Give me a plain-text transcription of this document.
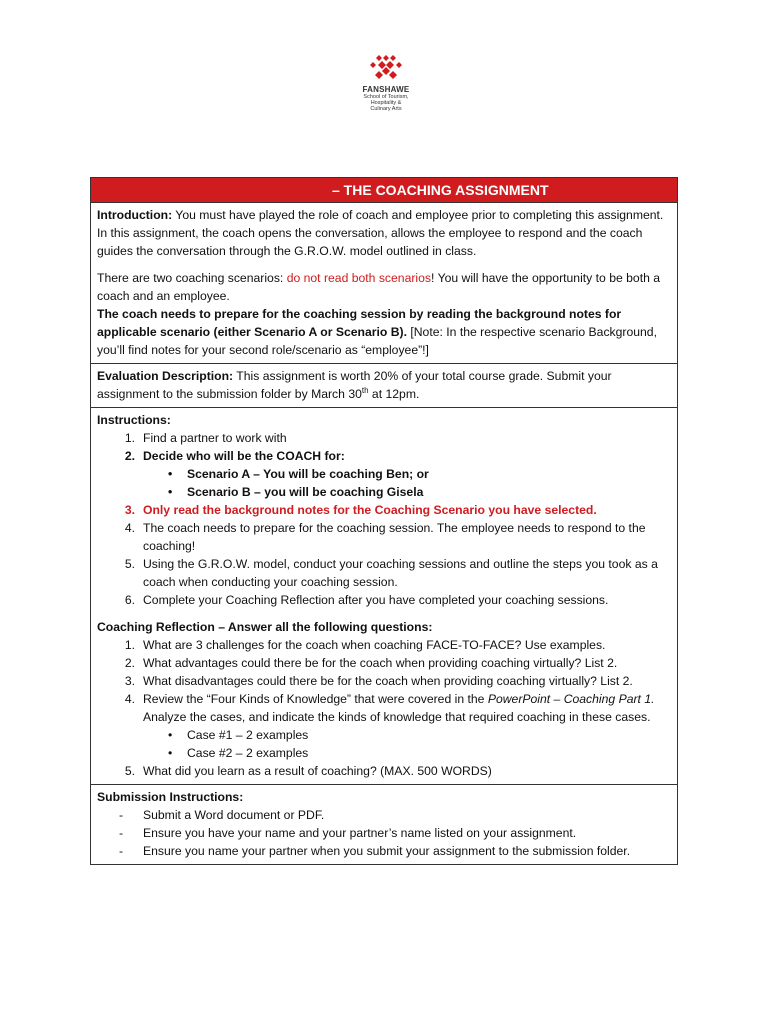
FANSHAWE
School of Tourism,
Hospitality &
Culinary Arts
– THE COACHING ASSIGNMENT

Introduction: You must have played the role of coach and employee prior to completing this assignment. In this assignment, the coach opens the conversation, allows the employee to respond and the coach guides the conversation through the G.R.O.W. model outlined in class.

There are two coaching scenarios: do not read both scenarios! You will have the opportunity to be both a coach and an employee.

The coach needs to prepare for the coaching session by reading the background notes for applicable scenario (either Scenario A or Scenario B). [Note: In the respective scenario Background, you’ll find notes for your second role/scenario as “employee”!]

Evaluation Description: This assignment is worth 20% of your total course grade. Submit your assignment to the submission folder by March 30th at 12pm.

Instructions:

1. Find a partner to work with
2. Decide who will be the COACH for:
• Scenario A – You will be coaching Ben; or
• Scenario B – you will be coaching Gisela
3. Only read the background notes for the Coaching Scenario you have selected.
4. The coach needs to prepare for the coaching session. The employee needs to respond to the coaching!
5. Using the G.R.O.W. model, conduct your coaching sessions and outline the steps you took as a coach when conducting your coaching session.
6. Complete your Coaching Reflection after you have completed your coaching sessions.

Coaching Reflection – Answer all the following questions:

1. What are 3 challenges for the coach when coaching FACE-TO-FACE? Use examples.
2. What advantages could there be for the coach when providing coaching virtually? List 2.
3. What disadvantages could there be for the coach when providing coaching virtually? List 2.
4. Review the “Four Kinds of Knowledge” that were covered in the PowerPoint – Coaching Part 1. Analyze the cases, and indicate the kinds of knowledge that required coaching in these cases.
• Case #1 – 2 examples
• Case #2 – 2 examples
5. What did you learn as a result of coaching? (MAX. 500 WORDS)

Submission Instructions:

- Submit a Word document or PDF.
- Ensure you have your name and your partner’s name listed on your assignment.
- Ensure you name your partner when you submit your assignment to the submission folder.
